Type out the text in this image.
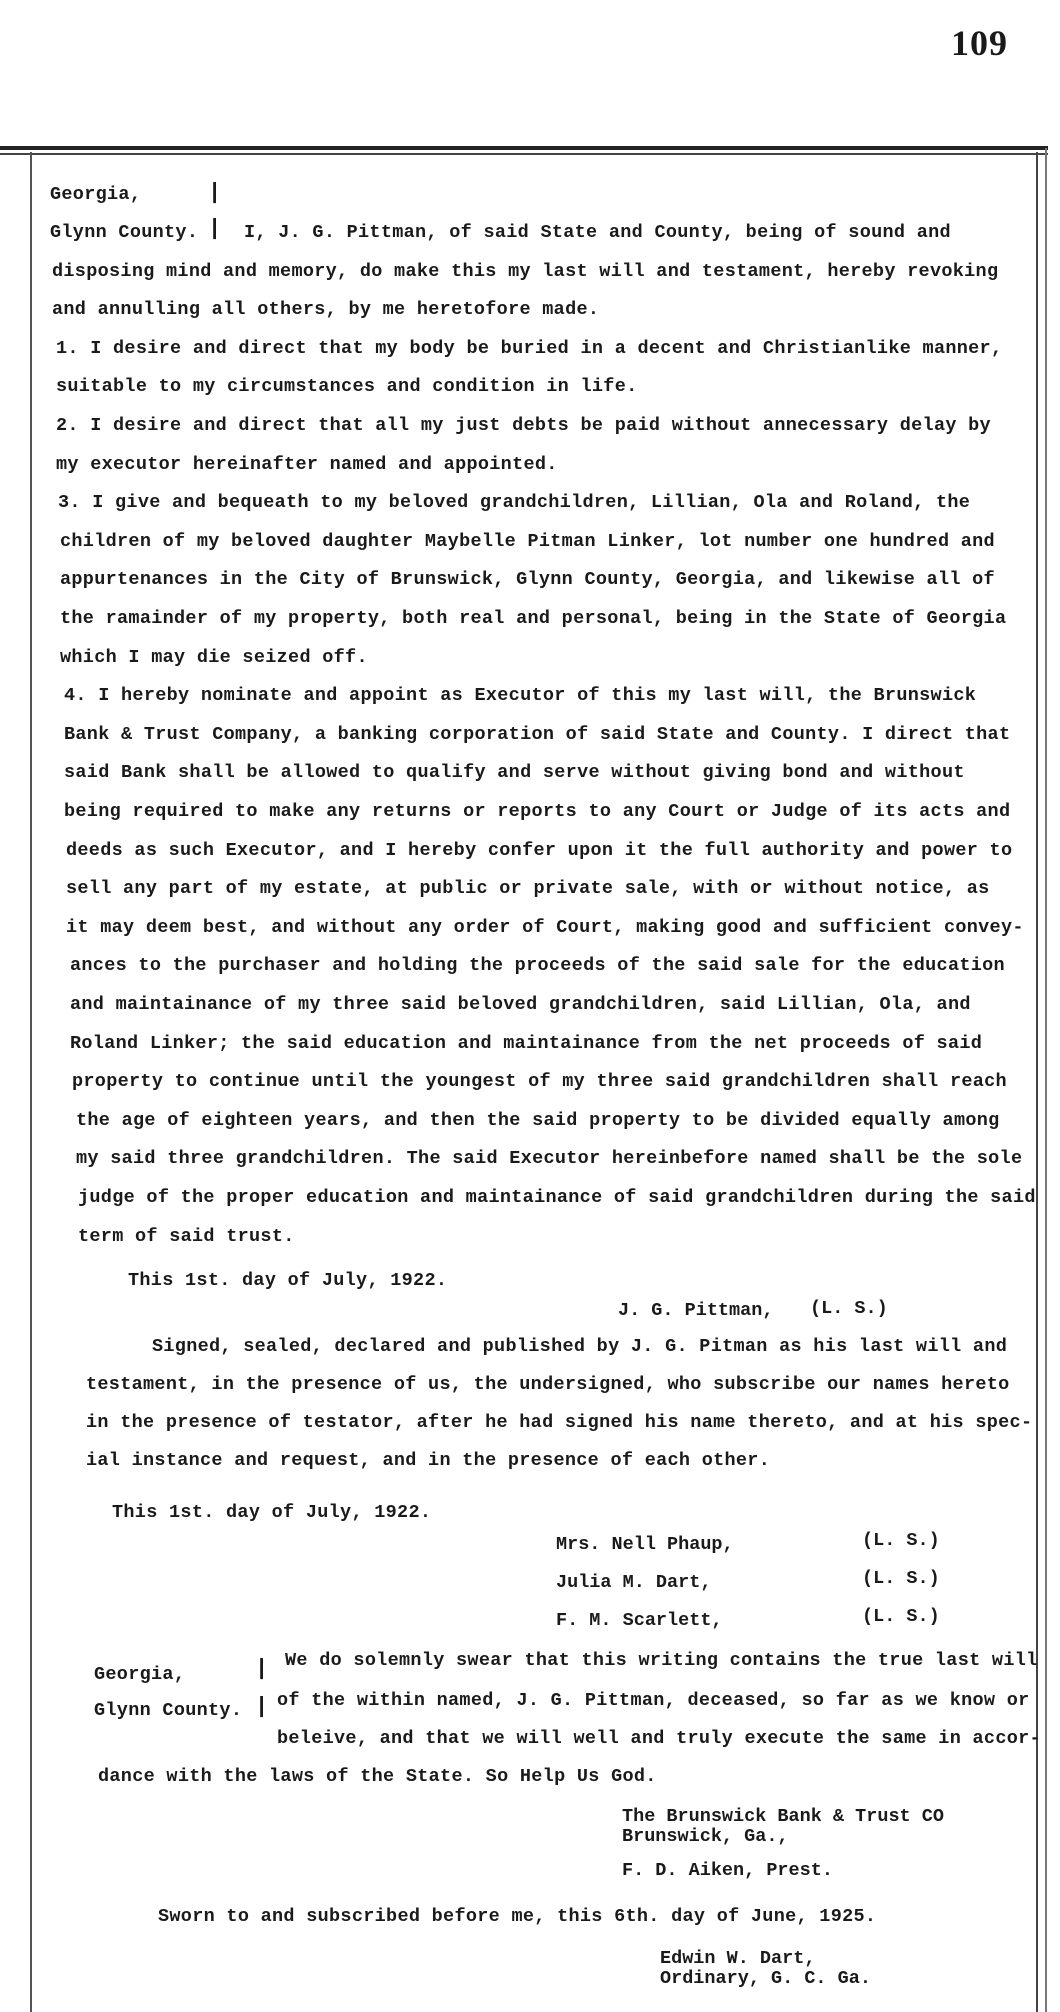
109
Georgia,
Glynn County.
|
| I, J. G. Pittman, of said State and County, being of sound and
disposing mind and memory, do make this my last will and testament, hereby revoking
and annulling all others, by me heretofore made.
1. I desire and direct that my body be buried in a decent and Christianlike manner,
suitable to my circumstances and condition in life.
2. I desire and direct that all my just debts be paid without annecessary delay by
my executor hereinafter named and appointed.
3. I give and bequeath to my beloved grandchildren, Lillian, Ola and Roland, the
children of my beloved daughter Maybelle Pitman Linker, lot number one hundred and
appurtenances in the City of Brunswick, Glynn County, Georgia, and likewise all of
the ramainder of my property, both real and personal, being in the State of Georgia
which I may die seized off.
4. I hereby nominate and appoint as Executor of this my last will, the Brunswick
Bank & Trust Company, a banking corporation of said State and County. I direct that
said Bank shall be allowed to qualify and serve without giving bond and without
being required to make any returns or reports to any Court or Judge of its acts and
deeds as such Executor, and I hereby confer upon it the full authority and power to
sell any part of my estate, at public or private sale, with or without notice, as
it may deem best, and without any order of Court, making good and sufficient convey-
ances to the purchaser and holding the proceeds of the said sale for the education
and maintainance of my three said beloved grandchildren, said Lillian, Ola, and
Roland Linker; the said education and maintainance from the net proceeds of said
property to continue until the youngest of my three said grandchildren shall reach
the age of eighteen years, and then the said property to be divided equally among
my said three grandchildren. The said Executor hereinbefore named shall be the sole
judge of the proper education and maintainance of said grandchildren during the said
term of said trust.
This 1st. day of July, 1922.
J. G. Pittman, (L. S.)
Signed, sealed, declared and published by J. G. Pitman as his last will and
testament, in the presence of us, the undersigned, who subscribe our names hereto
in the presence of testator, after he had signed his name thereto, and at his spec-
ial instance and request, and in the presence of each other.
This 1st. day of July, 1922.
Mrs. Nell Phaup,	(L. S.)
Julia M. Dart,	(L. S.)
F. M. Scarlett,	(L. S.)
Georgia,
Glynn County.
|
|
We do solemnly swear that this writing contains the true last will
of the within named, J. G. Pittman, deceased, so far as we know or
beleive, and that we will well and truly execute the same in accor-
dance with the laws of the State. So Help Us God.
The Brunswick Bank & Trust CO
Brunswick, Ga.,
F. D. Aiken, Prest.
Sworn to and subscribed before me, this 6th. day of June, 1925.
Edwin W. Dart,
Ordinary, G. C. Ga.
